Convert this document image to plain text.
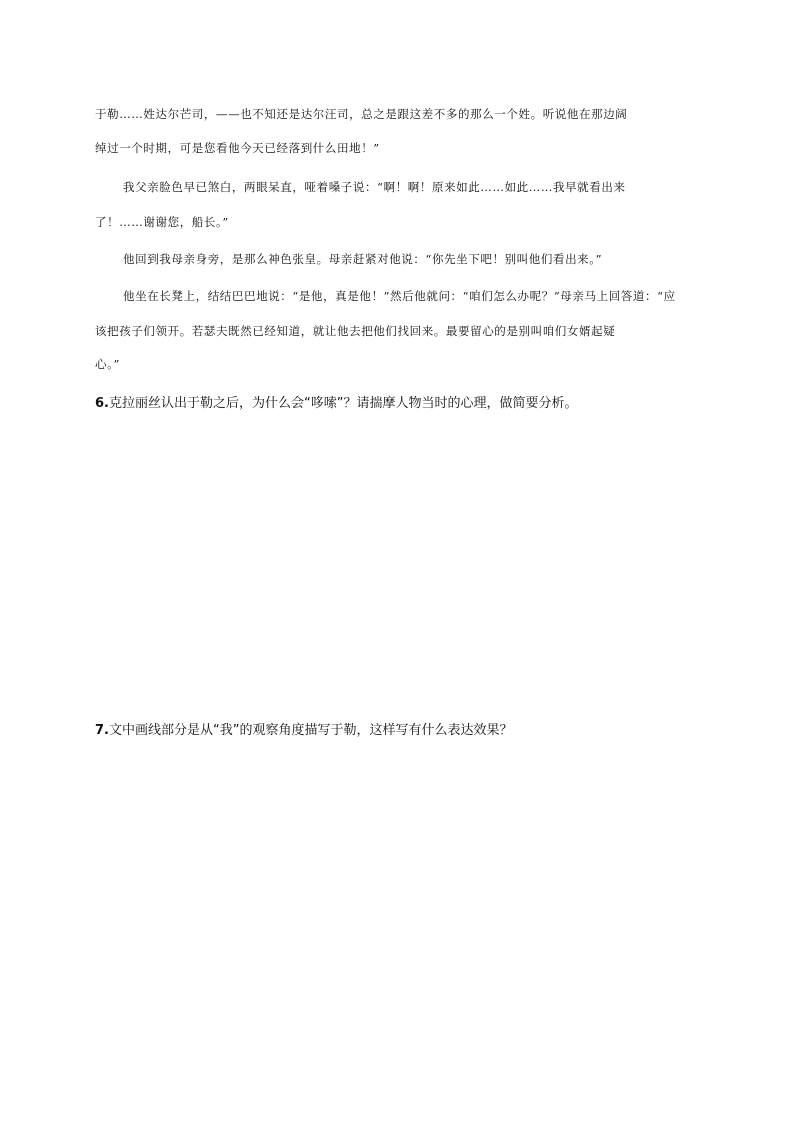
于勒……姓达尔芒司，——也不知还是达尔汪司，总之是跟这差不多的那么一个姓。听说他在那边阔
绰过一个时期，可是您看他今天已经落到什么田地！”
我父亲脸色早已煞白，两眼呆直，哑着嗓子说：“啊！啊！原来如此……如此……我早就看出来
了！……谢谢您，船长。”
他回到我母亲身旁，是那么神色张皇。母亲赶紧对他说：“你先坐下吧！别叫他们看出来。”
他坐在长凳上，结结巴巴地说：“是他，真是他！”然后他就问：“咱们怎么办呢？”母亲马上回答道：“应
该把孩子们领开。若瑟夫既然已经知道，就让他去把他们找回来。最要留心的是别叫咱们女婿起疑
心。”
6.克拉丽丝认出于勒之后，为什么会“哆嗦”？请揣摩人物当时的心理，做简要分析。
7.文中画线部分是从“我”的观察角度描写于勒，这样写有什么表达效果？
